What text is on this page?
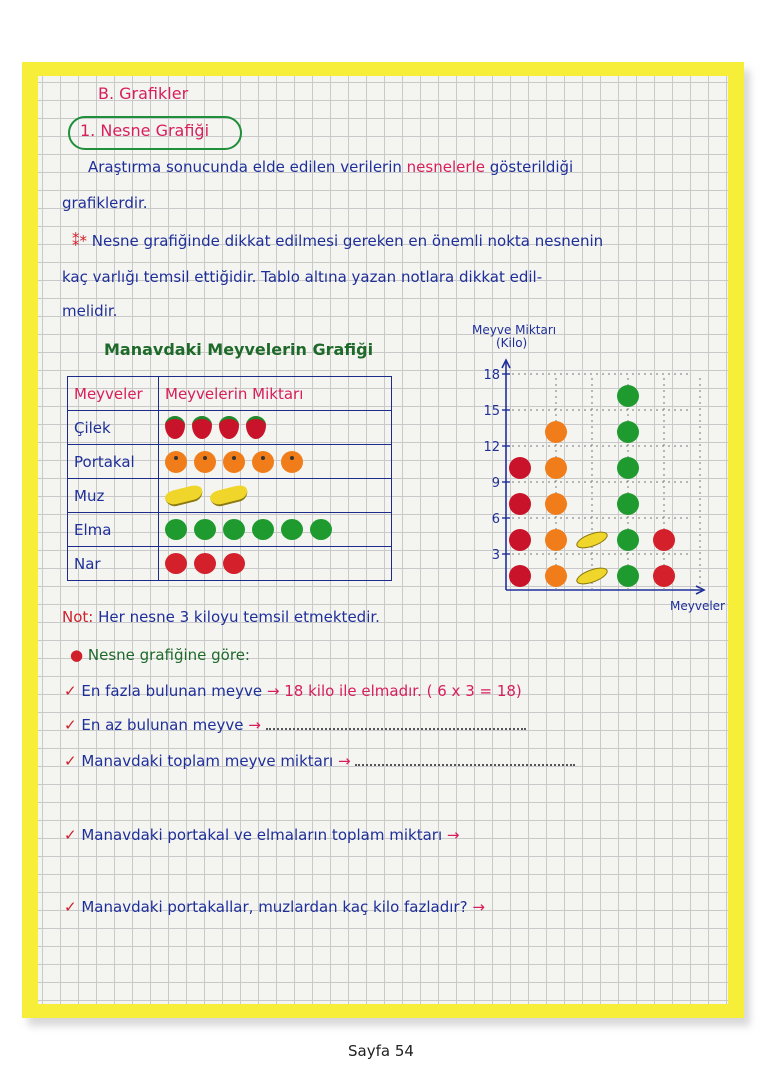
B. Grafikler
1. Nesne Grafiği
Araştırma sonucunda elde edilen verilerin nesnelerle gösterildiği
grafiklerdir.
⁑* Nesne grafiğinde dikkat edilmesi gereken en önemli nokta nesnenin
kaç varlığı temsil ettiğidir. Tablo altına yazan notlara dikkat edil-
melidir.
Manavdaki Meyvelerin Grafiği
Meyveler	Meyvelerin Miktarı
Çilek	
Portakal	
Muz	
Elma	
Nar	
Meyve Miktarı (Kilo)
Meyveler
3
6
9
12
15
18
Not: Her nesne 3 kiloyu temsil etmektedir.
● Nesne grafiğine göre:
✓ En fazla bulunan meyve → 18 kilo ile elmadır. ( 6 x 3 = 18)
✓ En az bulunan meyve →
✓ Manavdaki toplam meyve miktarı →
✓ Manavdaki portakal ve elmaların toplam miktarı →
✓ Manavdaki portakallar, muzlardan kaç kilo fazladır? →
Sayfa 54
